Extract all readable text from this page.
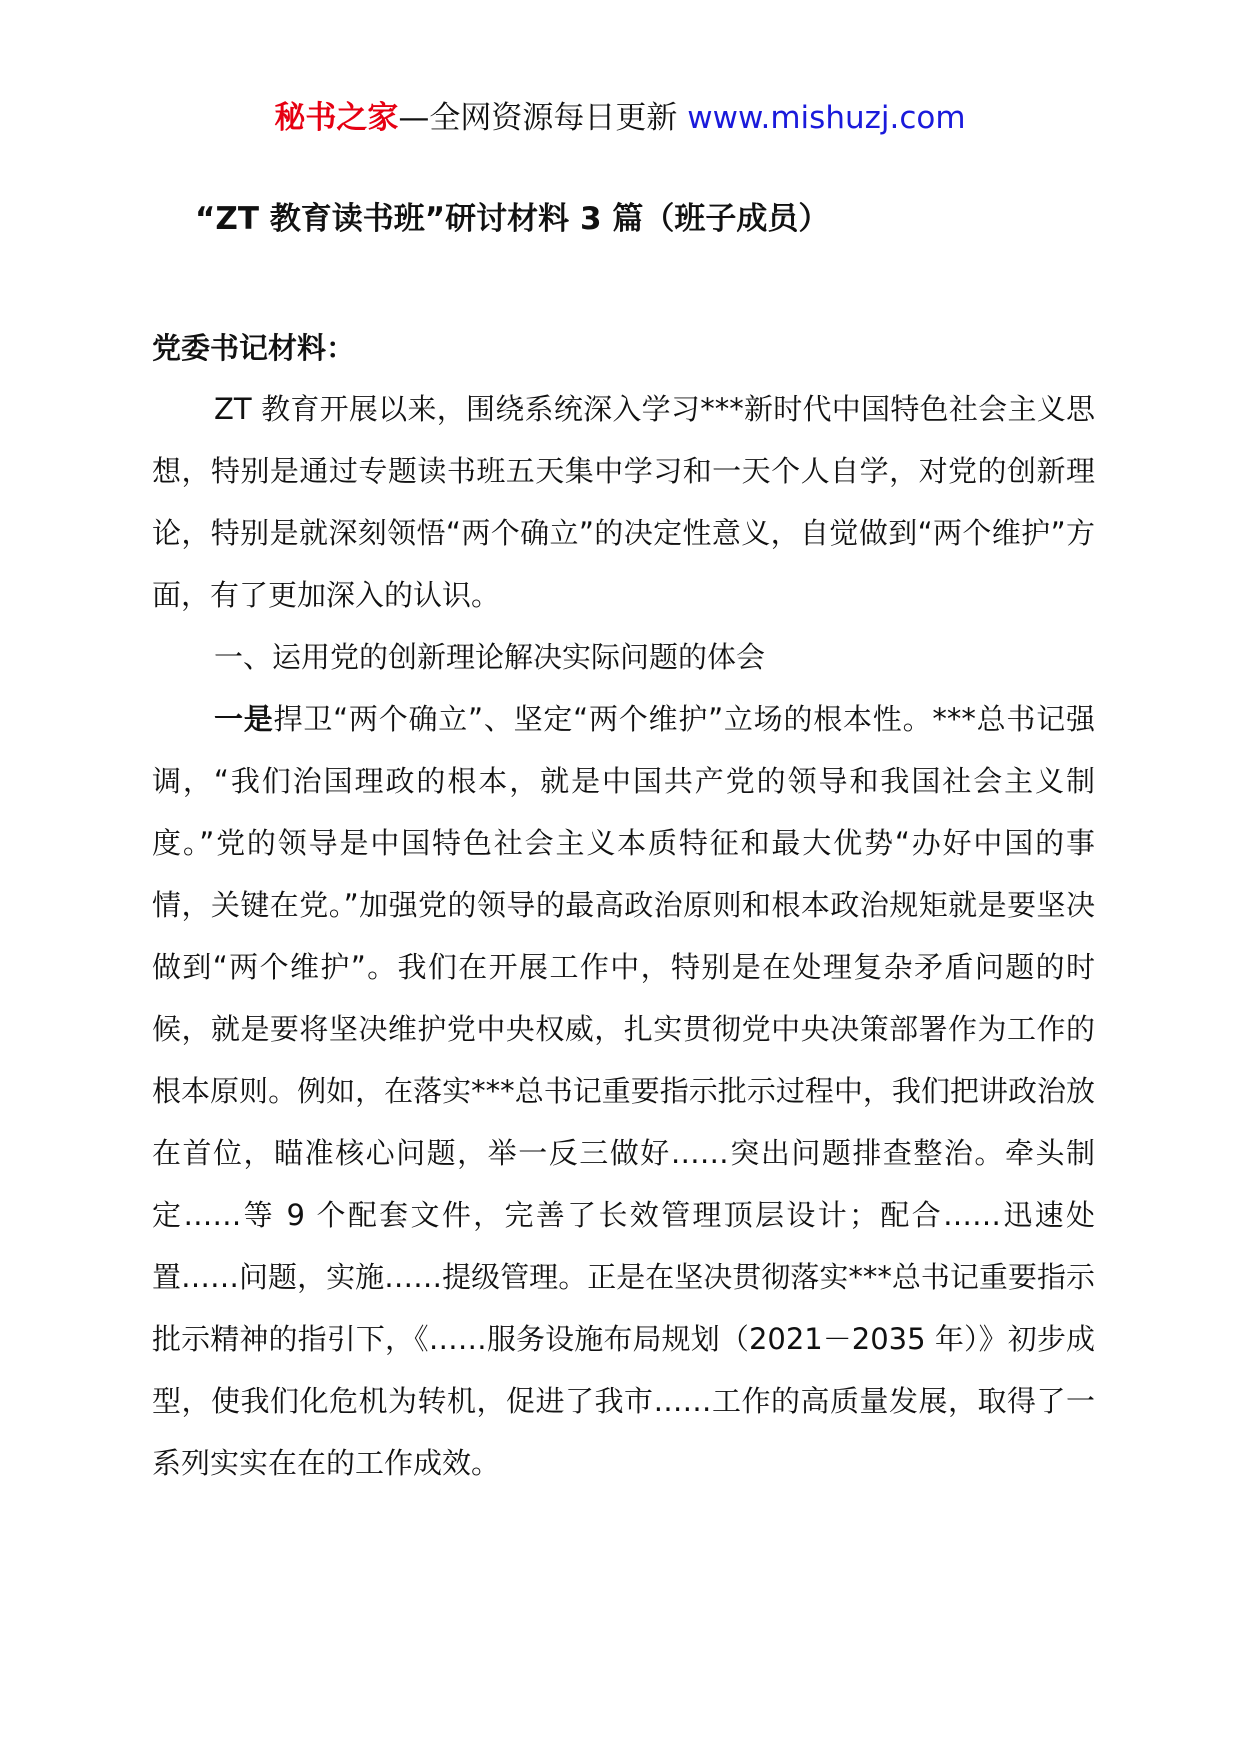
秘书之家—全网资源每日更新 www.mishuzj.com
“ZT 教育读书班”研讨材料 3 篇（班子成员）
党委书记材料：

ZT 教育开展以来，围绕系统深入学习***新时代中国特色社会主义思想，特别是通过专题读书班五天集中学习和一天个人自学，对党的创新理论，特别是就深刻领悟“两个确立”的决定性意义，自觉做到“两个维护”方面，有了更加深入的认识。

一、运用党的创新理论解决实际问题的体会

一是捍卫“两个确立”、坚定“两个维护”立场的根本性。***总书记强调，“我们治国理政的根本，就是中国共产党的领导和我国社会主义制度。”党的领导是中国特色社会主义本质特征和最大优势“办好中国的事情，关键在党。”加强党的领导的最高政治原则和根本政治规矩就是要坚决做到“两个维护”。我们在开展工作中，特别是在处理复杂矛盾问题的时候，就是要将坚决维护党中央权威，扎实贯彻党中央决策部署作为工作的根本原则。例如，在落实***总书记重要指示批示过程中，我们把讲政治放在首位，瞄准核心问题，举一反三做好……突出问题排查整治。牵头制定……等 9 个配套文件，完善了长效管理顶层设计；配合……迅速处置……问题，实施……提级管理。正是在坚决贯彻落实***总书记重要指示批示精神的指引下，《……服务设施布局规划（2021－2035 年）》初步成型，使我们化危机为转机，促进了我市……工作的高质量发展，取得了一系列实实在在的工作成效。
